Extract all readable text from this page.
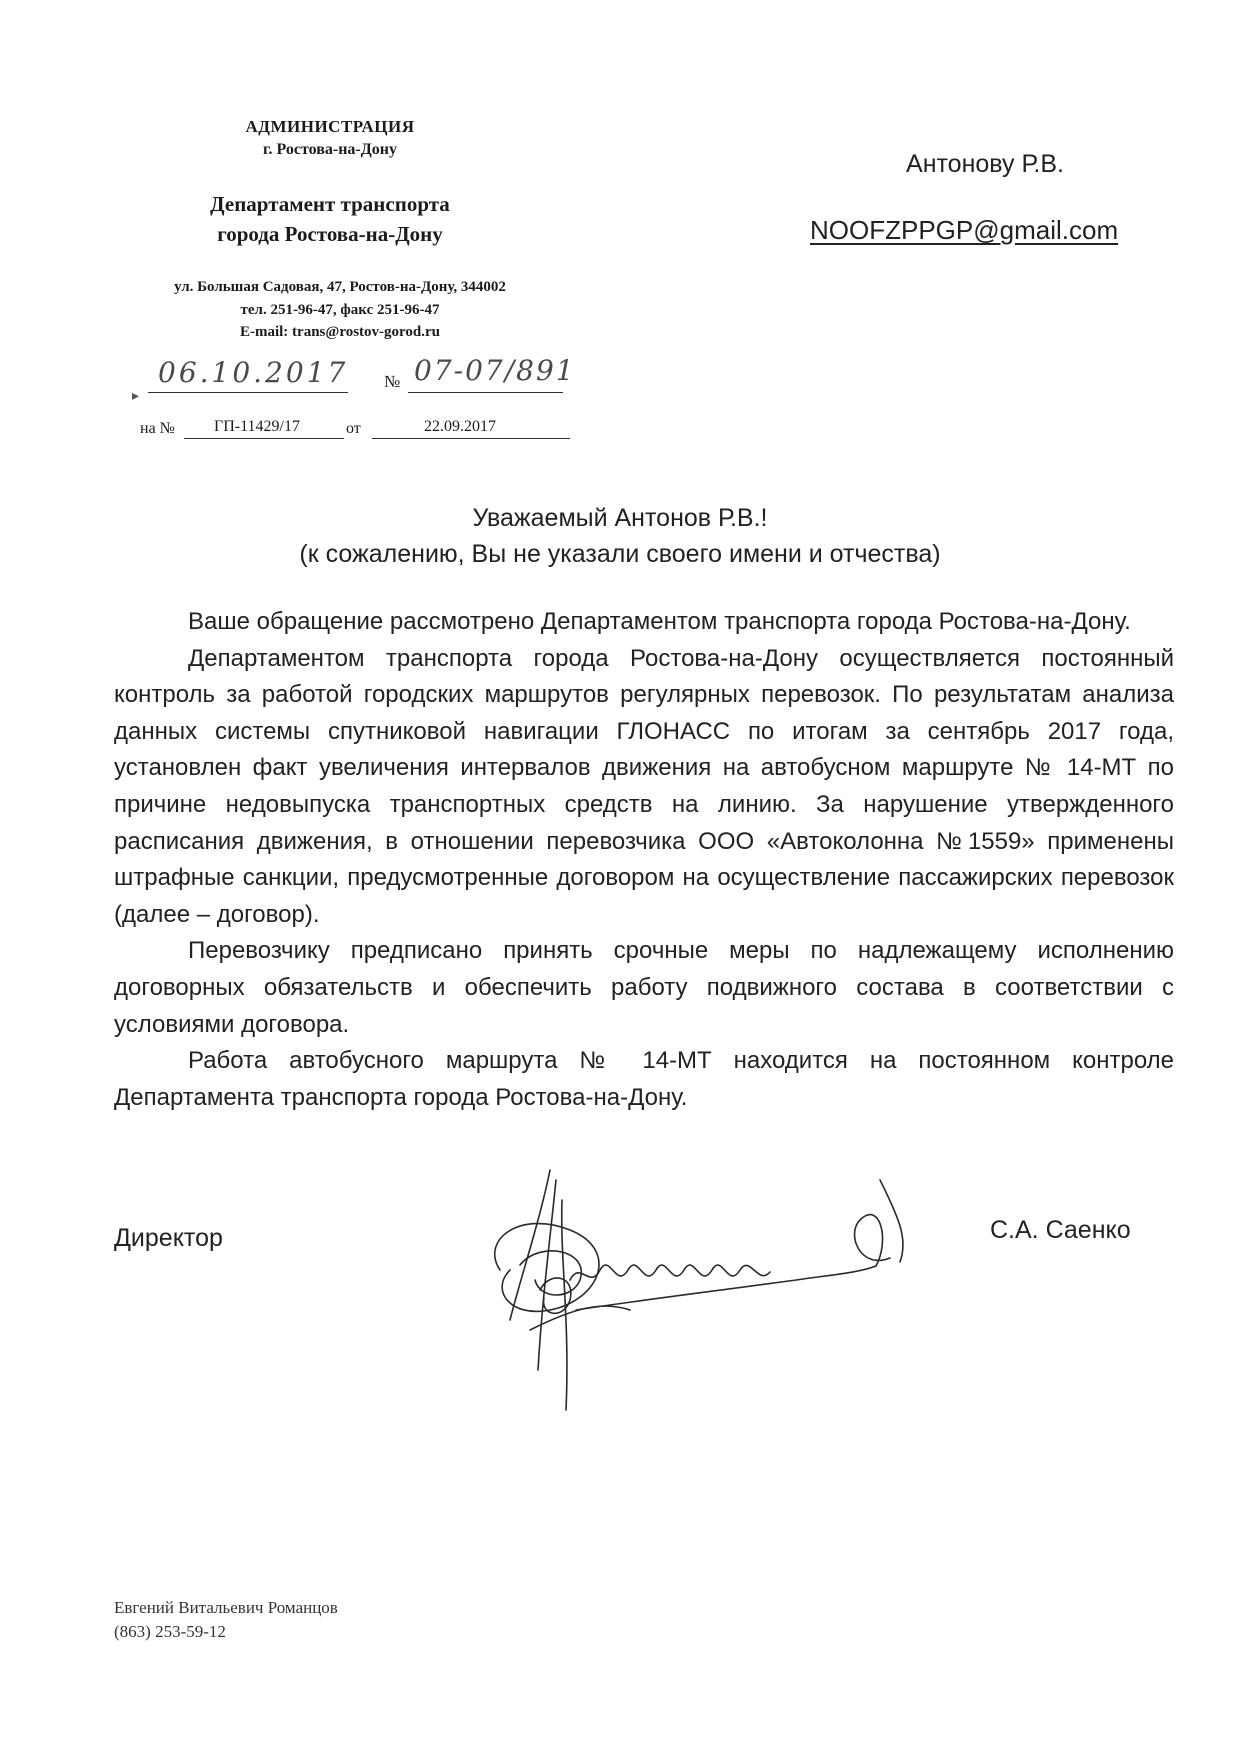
АДМИНИСТРАЦИЯ
г. Ростова-на-Дону
Департамент транспорта
города Ростова-на-Дону
ул. Большая Садовая, 47, Ростов-на-Дону, 344002
тел. 251-96-47, факс 251-96-47
E-mail: trans@rostov-gorod.ru
▸
06.10.2017 № 07-07/891
на № ГП-11429/17	от	22.09.2017
Антонову Р.В.
NOOFZPPGP@gmail.com
Уважаемый Антонов Р.В.!
(к сожалению, Вы не указали своего имени и отчества)

Ваше обращение рассмотрено Департаментом транспорта города Ростова-на-Дону.

Департаментом транспорта города Ростова-на-Дону осуществляется постоянный контроль за работой городских маршрутов регулярных перевозок. По результатам анализа данных системы спутниковой навигации ГЛОНАСС по итогам за сентябрь 2017 года, установлен факт увеличения интервалов движения на автобусном маршруте № 14-МТ по причине недовыпуска транспортных средств на линию. За нарушение утвержденного расписания движения, в отношении перевозчика ООО «Автоколонна №1559» применены штрафные санкции, предусмотренные договором на осуществление пассажирских перевозок (далее – договор).

Перевозчику предписано принять срочные меры по надлежащему исполнению договорных обязательств и обеспечить работу подвижного состава в соответствии с условиями договора.

Работа автобусного маршрута № 14-МТ находится на постоянном контроле Департамента транспорта города Ростова-на-Дону.

Директор	С.А. Саенко
Евгений Витальевич Романцов
(863) 253-59-12
